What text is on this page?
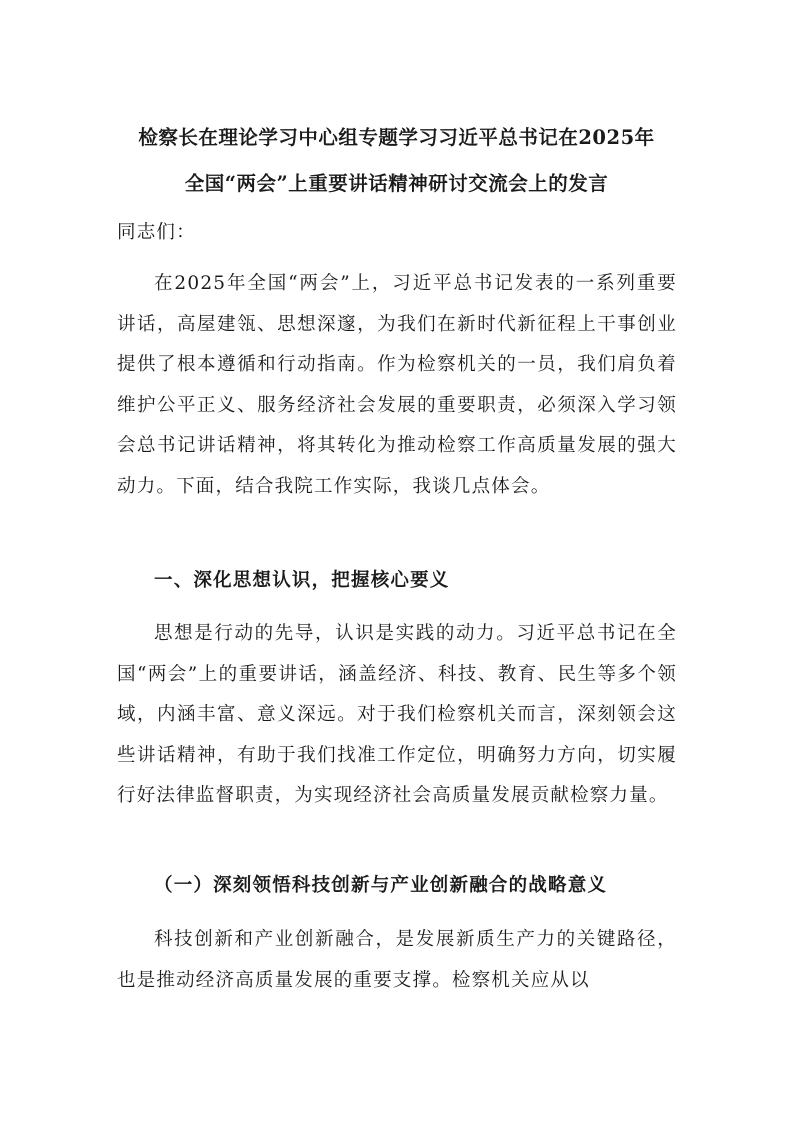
检察长在理论学习中心组专题学习习近平总书记在2025年
全国“两会”上重要讲话精神研讨交流会上的发言
同志们：
在2025年全国“两会”上，习近平总书记发表的一系列重要讲话，高屋建瓴、思想深邃，为我们在新时代新征程上干事创业提供了根本遵循和行动指南。作为检察机关的一员，我们肩负着维护公平正义、服务经济社会发展的重要职责，必须深入学习领会总书记讲话精神，将其转化为推动检察工作高质量发展的强大动力。下面，结合我院工作实际，我谈几点体会。
一、深化思想认识，把握核心要义
思想是行动的先导，认识是实践的动力。习近平总书记在全国“两会”上的重要讲话，涵盖经济、科技、教育、民生等多个领域，内涵丰富、意义深远。对于我们检察机关而言，深刻领会这些讲话精神，有助于我们找准工作定位，明确努力方向，切实履行好法律监督职责，为实现经济社会高质量发展贡献检察力量。
（一）深刻领悟科技创新与产业创新融合的战略意义
科技创新和产业创新融合，是发展新质生产力的关键路径，也是推动经济高质量发展的重要支撑。检察机关应从以
